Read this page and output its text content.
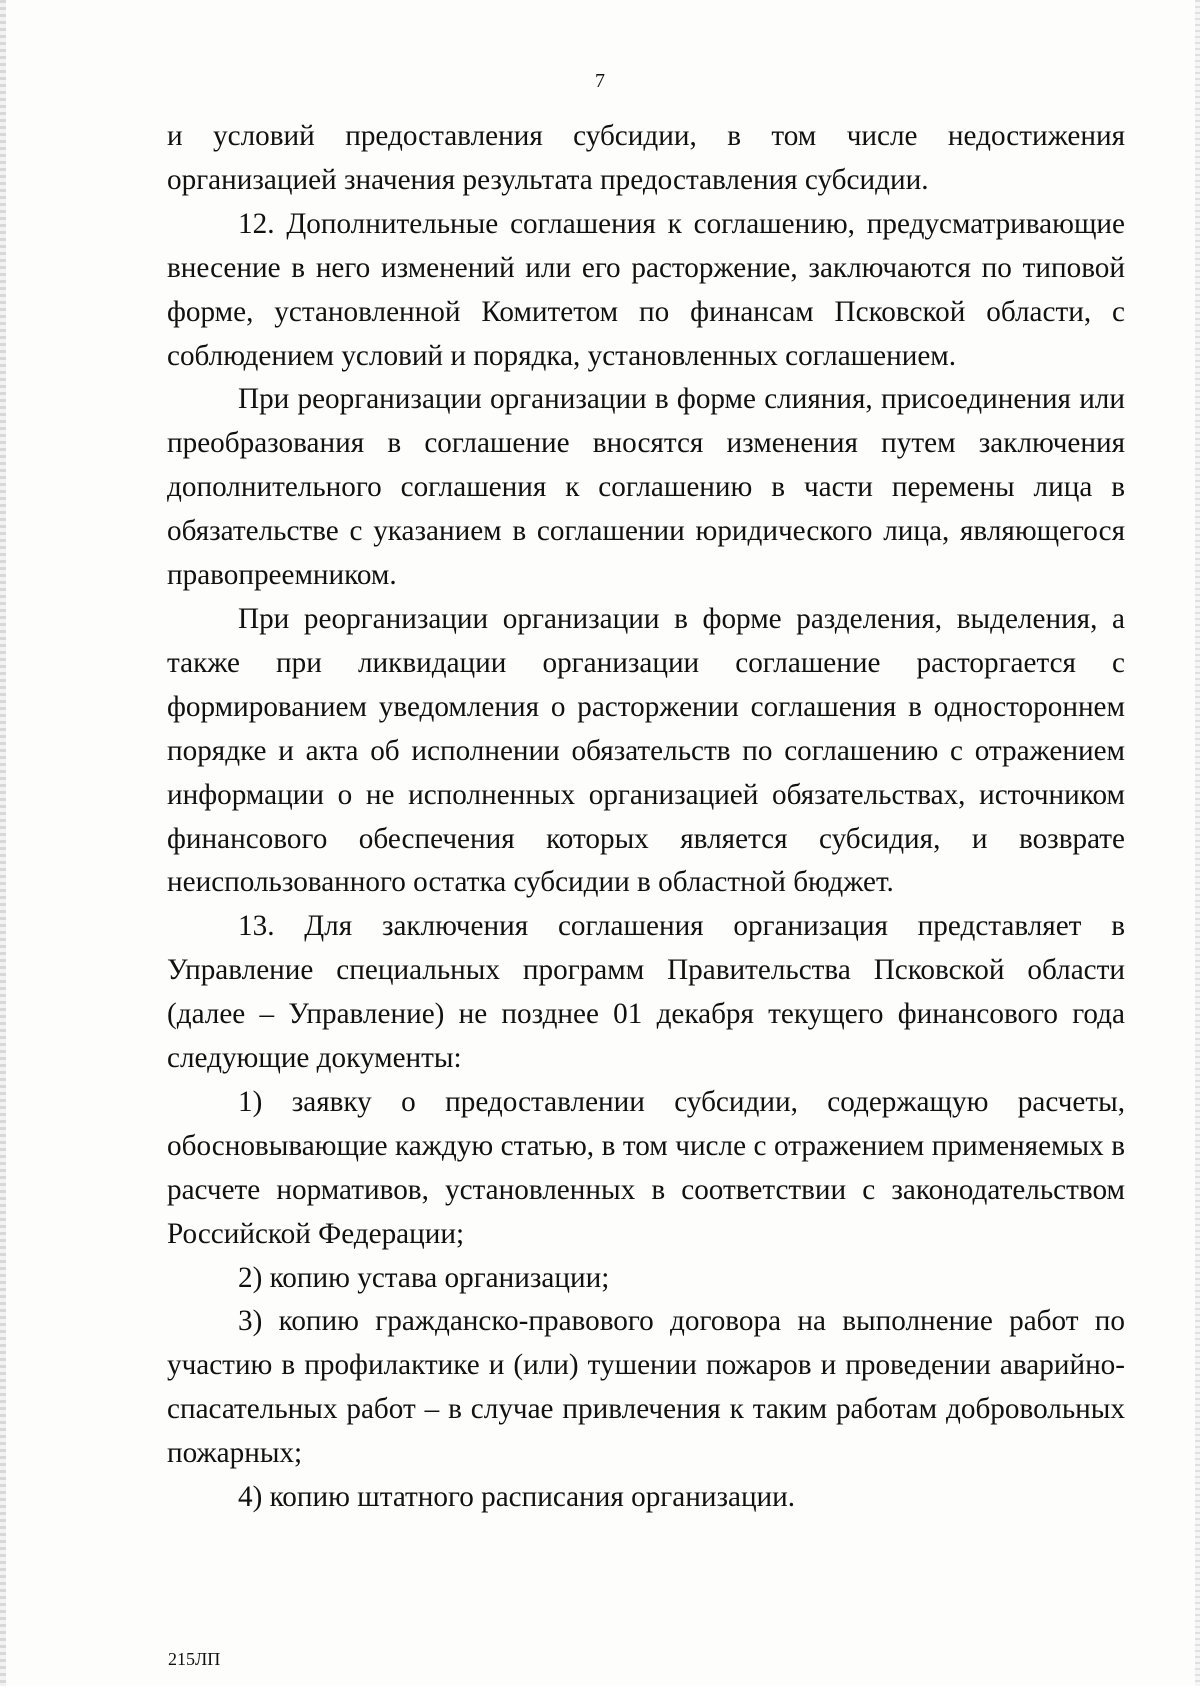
7

и условий предоставления субсидии, в том числе недостижения организацией значения результата предоставления субсидии.

12. Дополнительные соглашения к соглашению, предусматривающие внесение в него изменений или его расторжение, заключаются по типовой форме, установленной Комитетом по финансам Псковской области, с соблюдением условий и порядка, установленных соглашением.

При реорганизации организации в форме слияния, присоединения или преобразования в соглашение вносятся изменения путем заключения дополнительного соглашения к соглашению в части перемены лица в обязательстве с указанием в соглашении юридического лица, являющегося правопреемником.

При реорганизации организации в форме разделения, выделения, а также при ликвидации организации соглашение расторгается с формированием уведомления о расторжении соглашения в одностороннем порядке и акта об исполнении обязательств по соглашению с отражением информации о не исполненных организацией обязательствах, источником финансового обеспечения которых является субсидия, и возврате неиспользованного остатка субсидии в областной бюджет.

13. Для заключения соглашения организация представляет в Управление специальных программ Правительства Псковской области (далее – Управление) не позднее 01 декабря текущего финансового года следующие документы:

1) заявку о предоставлении субсидии, содержащую расчеты, обосновывающие каждую статью, в том числе с отражением применяемых в расчете нормативов, установленных в соответствии с законодательством Российской Федерации;

2) копию устава организации;

3) копию гражданско-правового договора на выполнение работ по участию в профилактике и (или) тушении пожаров и проведении аварийно-спасательных работ – в случае привлечения к таким работам добровольных пожарных;

4) копию штатного расписания организации.

215ЛП
